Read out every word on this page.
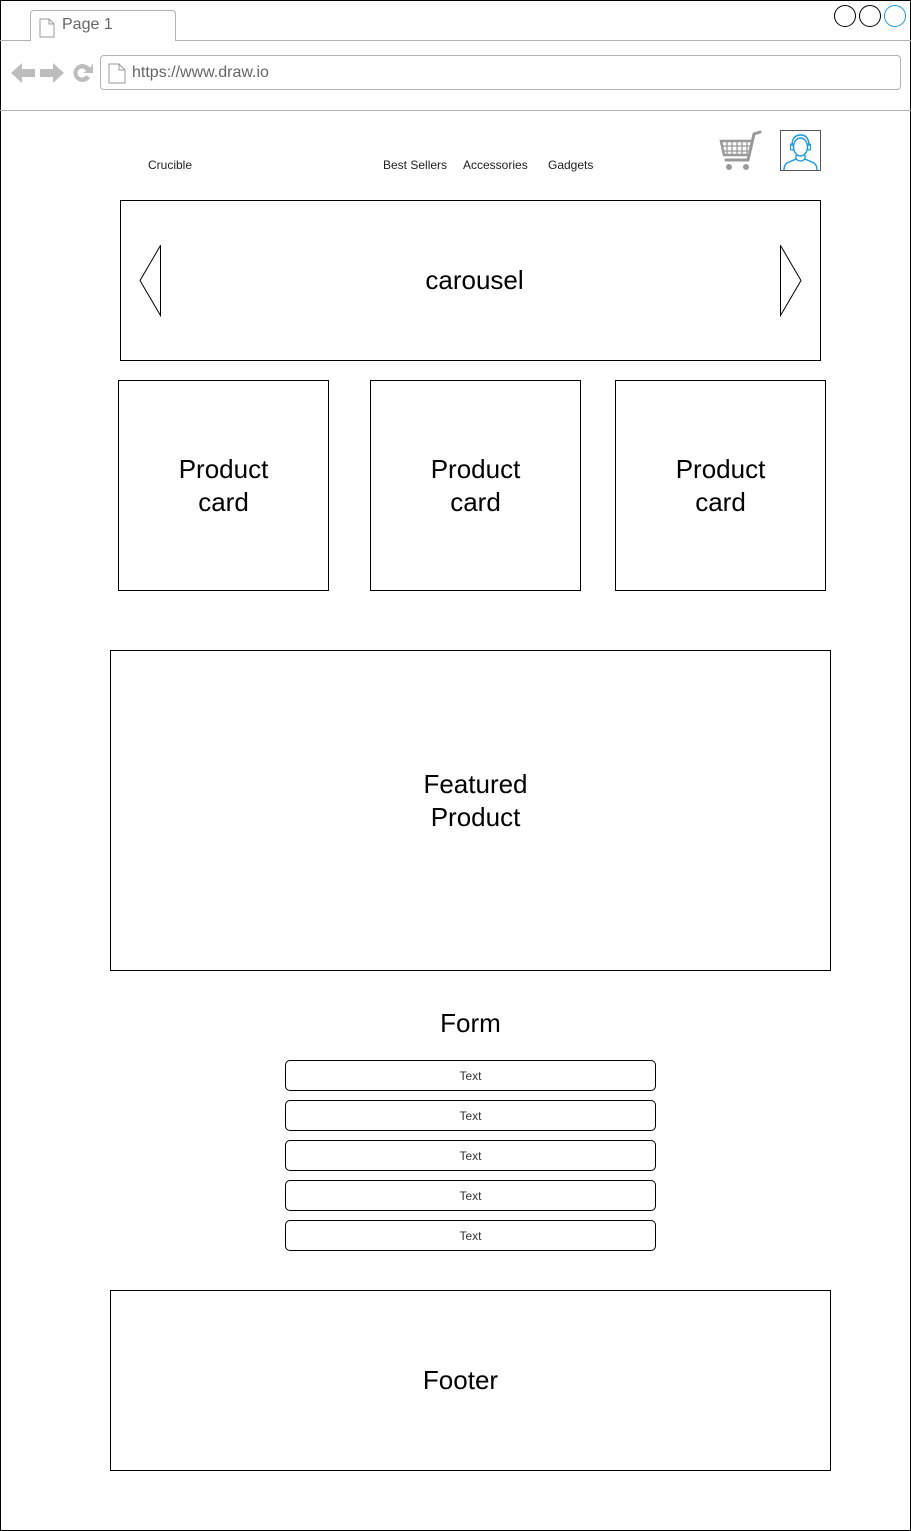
Page 1
https://www.draw.io
Crucible	Best Sellers Accessories Gadgets
carousel
Product card
Product card
Product card
Featured Product
Form
Text
Text
Text
Text
Text
Footer
